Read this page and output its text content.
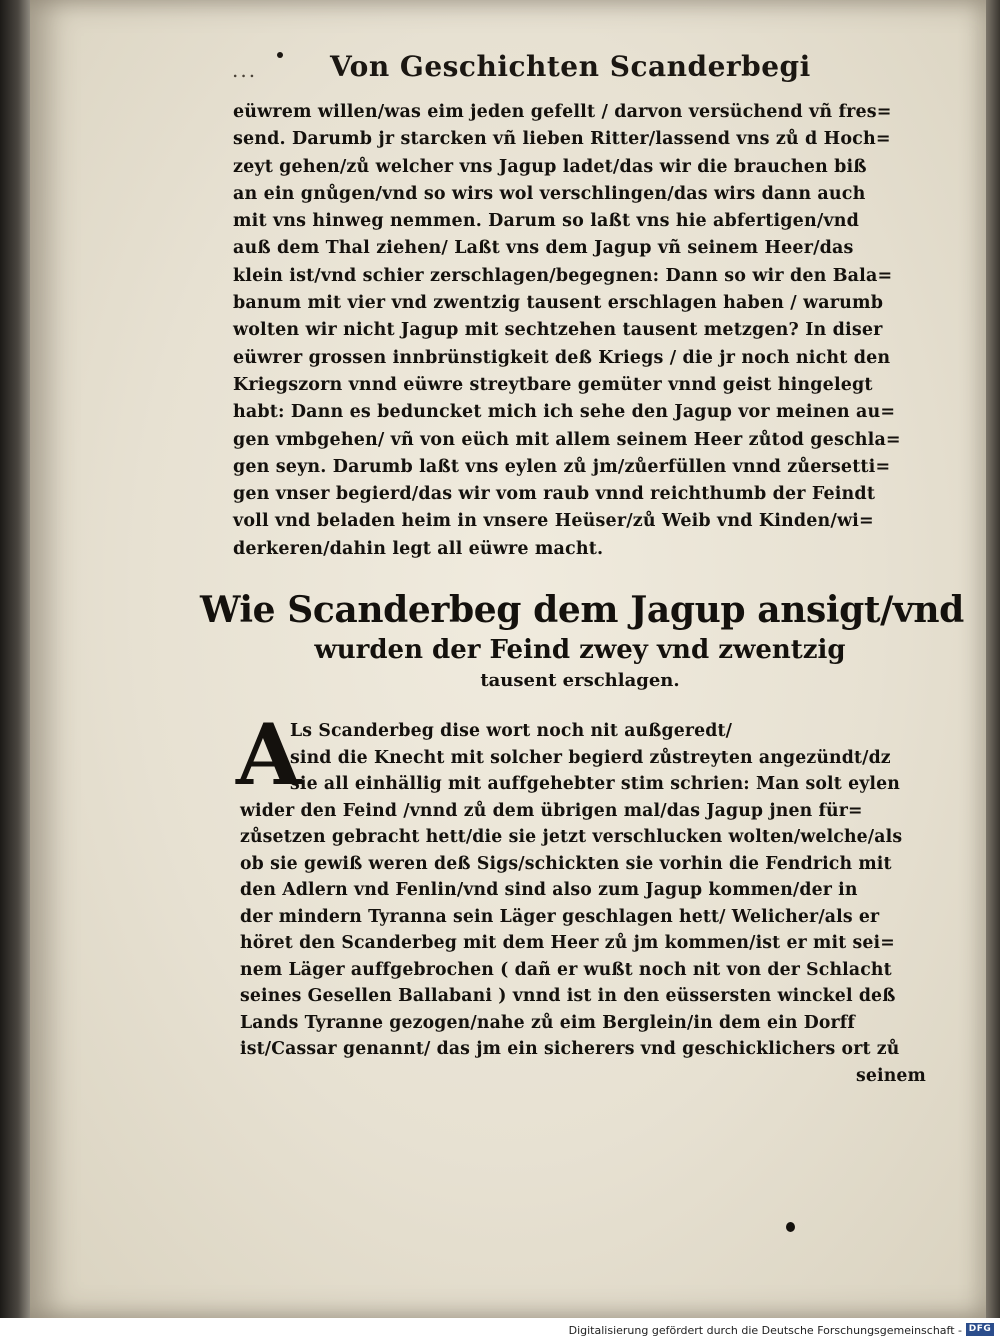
...	Von Geschichten Scanderbegi
eüwrem willen/was eim jeden gefellt / darvon versüchend vñ fres=
send. Darumb jr starcken vñ lieben Ritter/lassend vns zů d Hoch=
zeyt gehen/zů welcher vns Jagup ladet/das wir die brauchen biß
an ein gnůgen/vnd so wirs wol verschlingen/das wirs dann auch
mit vns hinweg nemmen. Darum so laßt vns hie abfertigen/vnd
auß dem Thal ziehen/ Laßt vns dem Jagup vñ seinem Heer/das
klein ist/vnd schier zerschlagen/begegnen: Dann so wir den Bala=
banum mit vier vnd zwentzig tausent erschlagen haben / warumb
wolten wir nicht Jagup mit sechtzehen tausent metzgen? In diser
eüwrer grossen innbrünstigkeit deß Kriegs / die jr noch nicht den
Kriegszorn vnnd eüwre streytbare gemüter vnnd geist hingelegt
habt: Dann es beduncket mich ich sehe den Jagup vor meinen au=
gen vmbgehen/ vñ von eüch mit allem seinem Heer zůtod geschla=
gen seyn. Darumb laßt vns eylen zů jm/zůerfüllen vnnd zůersetti=
gen vnser begierd/das wir vom raub vnnd reichthumb der Feindt
voll vnd beladen heim in vnsere Heüser/zů Weib vnd Kinden/wi=
derkeren/dahin legt all eüwre macht.
Wie Scanderbeg dem Jagup ansigt/vnd
wurden der Feind zwey vnd zwentzig
tausent erschlagen.
A
Ls Scanderbeg dise wort noch nit außgeredt/
sind die Knecht mit solcher begierd zůstreyten angezündt/dz
sie all einhällig mit auffgehebter stim schrien: Man solt eylen
wider den Feind /vnnd zů dem übrigen mal/das Jagup jnen für=
zůsetzen gebracht hett/die sie jetzt verschlucken wolten/welche/als
ob sie gewiß weren deß Sigs/schickten sie vorhin die Fendrich mit
den Adlern vnd Fenlin/vnd sind also zum Jagup kommen/der in
der mindern Tyranna sein Läger geschlagen hett/ Welicher/als er
höret den Scanderbeg mit dem Heer zů jm kommen/ist er mit sei=
nem Läger auffgebrochen ( dañ er wußt noch nit von der Schlacht
seines Gesellen Ballabani ) vnnd ist in den eüssersten winckel deß
Lands Tyranne gezogen/nahe zů eim Berglein/in dem ein Dorff
ist/Cassar genannt/ das jm ein sicherers vnd geschicklichers ort zů
seinem
Digitalisierung gefördert durch die Deutsche Forschungsgemeinschaft - DFG
